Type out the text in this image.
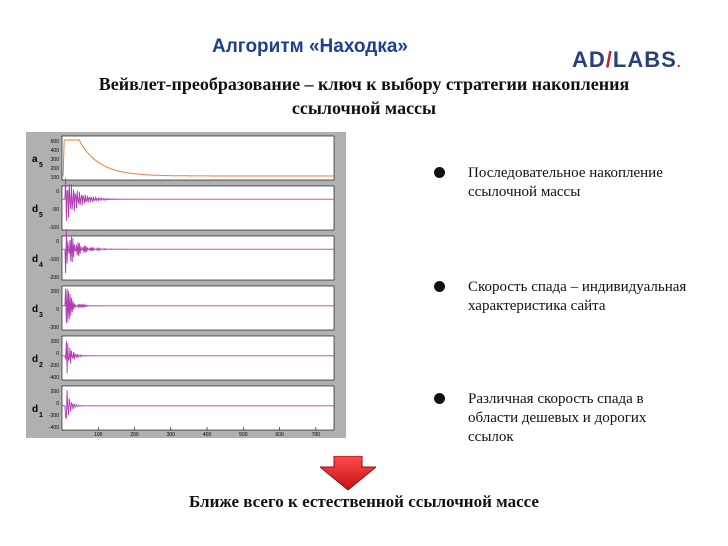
Алгоритм «Находка»
AD/LABS.
Вейвлет-преобразование – ключ к выбору стратегии накопления ссылочной массы
500
400
300
200
100
a
5
0
-50
-100
d
5
0
-100
-200
d
4
200
0
-200
d
3
200
0
-200
-400
d
2
200
0
-200
-400
d
1
100	200	300	400	500	600	700
Последовательное накопление ссылочной массы
Скорость спада – индивидуальная характеристика сайта
Различная скорость спада в области дешевых и дорогих ссылок
Ближе всего к естественной ссылочной массе
